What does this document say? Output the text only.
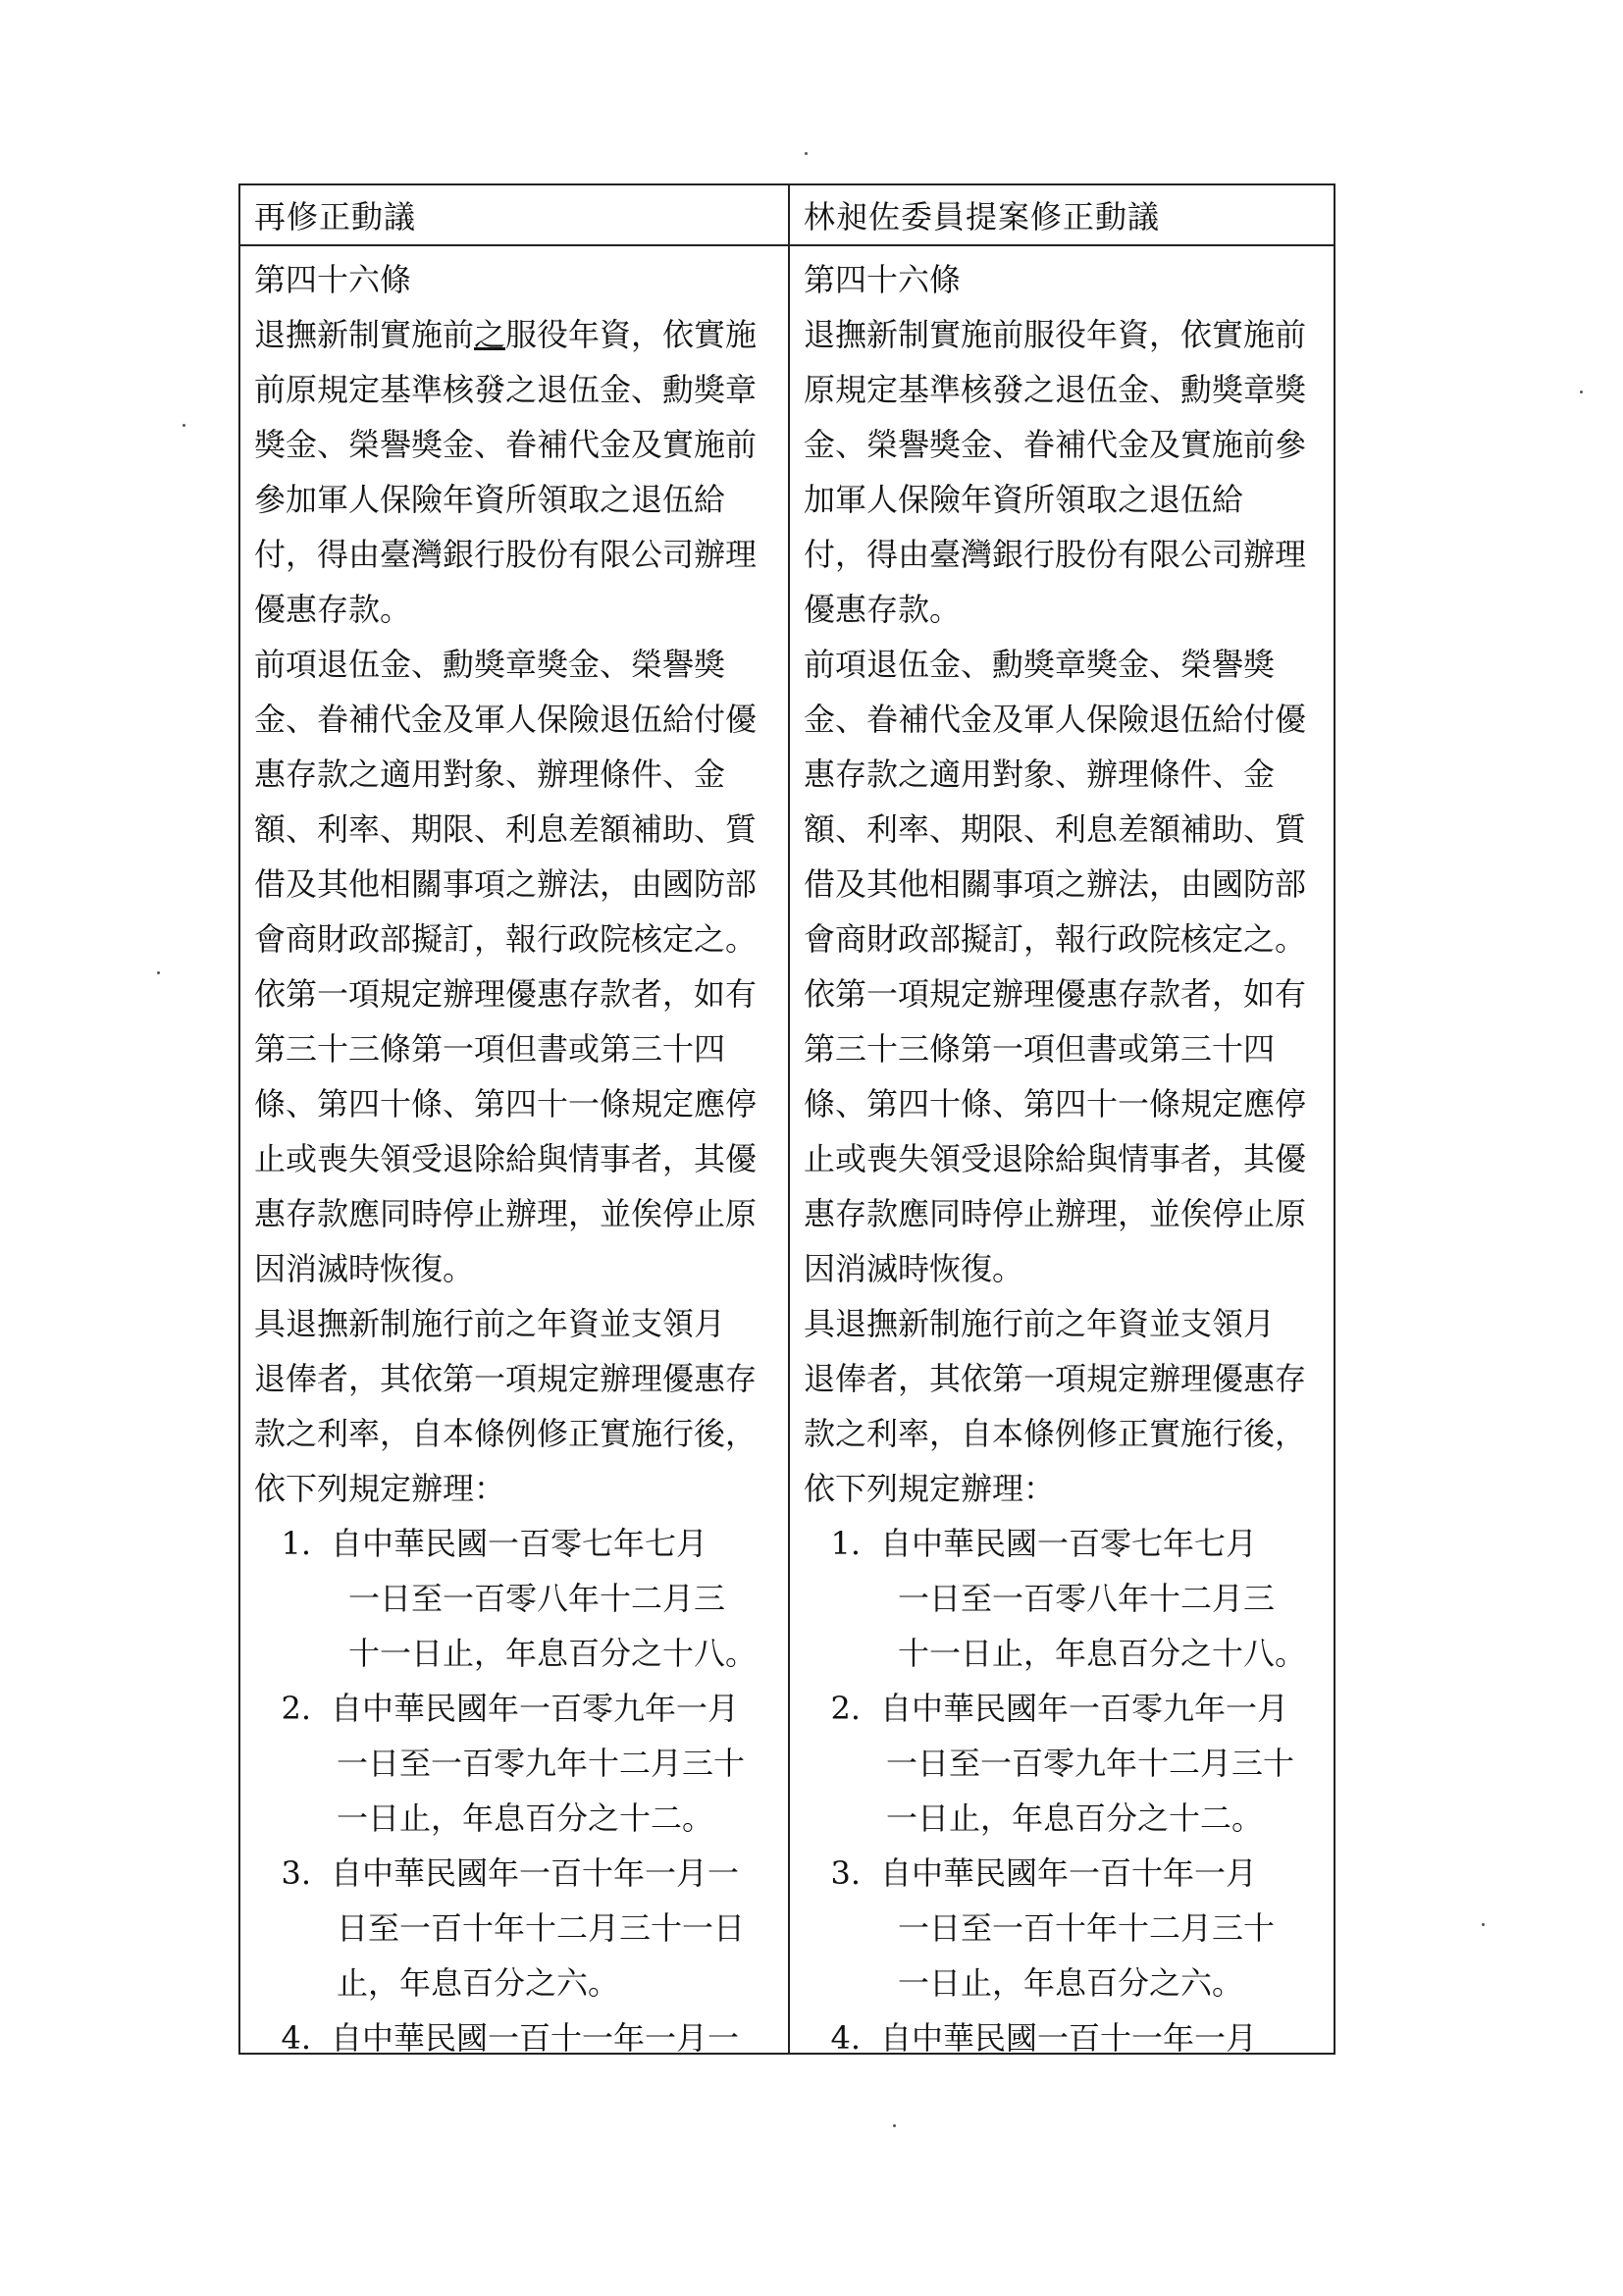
再修正動議	林昶佐委員提案修正動議
第四十六條
退撫新制實施前之服役年資，依實施
前原規定基準核發之退伍金、勳獎章
獎金、榮譽獎金、眷補代金及實施前
參加軍人保險年資所領取之退伍給
付，得由臺灣銀行股份有限公司辦理
優惠存款。
前項退伍金、勳獎章獎金、榮譽獎
金、眷補代金及軍人保險退伍給付優
惠存款之適用對象、辦理條件、金
額、利率、期限、利息差額補助、質
借及其他相關事項之辦法，由國防部
會商財政部擬訂，報行政院核定之。
依第一項規定辦理優惠存款者，如有
第三十三條第一項但書或第三十四
條、第四十條、第四十一條規定應停
止或喪失領受退除給與情事者，其優
惠存款應同時停止辦理，並俟停止原
因消滅時恢復。
具退撫新制施行前之年資並支領月
退俸者，其依第一項規定辦理優惠存
款之利率，自本條例修正實施行後，
依下列規定辦理：
1. 自中華民國一百零七年七月
一日至一百零八年十二月三
十一日止，年息百分之十八。
2. 自中華民國年一百零九年一月
一日至一百零九年十二月三十
一日止，年息百分之十二。
3. 自中華民國年一百十年一月一
日至一百十年十二月三十一日
止，年息百分之六。
4. 自中華民國一百十一年一月一
第四十六條
退撫新制實施前服役年資，依實施前
原規定基準核發之退伍金、勳獎章獎
金、榮譽獎金、眷補代金及實施前參
加軍人保險年資所領取之退伍給
付，得由臺灣銀行股份有限公司辦理
優惠存款。
前項退伍金、勳獎章獎金、榮譽獎
金、眷補代金及軍人保險退伍給付優
惠存款之適用對象、辦理條件、金
額、利率、期限、利息差額補助、質
借及其他相關事項之辦法，由國防部
會商財政部擬訂，報行政院核定之。
依第一項規定辦理優惠存款者，如有
第三十三條第一項但書或第三十四
條、第四十條、第四十一條規定應停
止或喪失領受退除給與情事者，其優
惠存款應同時停止辦理，並俟停止原
因消滅時恢復。
具退撫新制施行前之年資並支領月
退俸者，其依第一項規定辦理優惠存
款之利率，自本條例修正實施行後，
依下列規定辦理：
1. 自中華民國一百零七年七月
一日至一百零八年十二月三
十一日止，年息百分之十八。
2. 自中華民國年一百零九年一月
一日至一百零九年十二月三十
一日止，年息百分之十二。
3. 自中華民國年一百十年一月
一日至一百十年十二月三十
一日止，年息百分之六。
4. 自中華民國一百十一年一月
